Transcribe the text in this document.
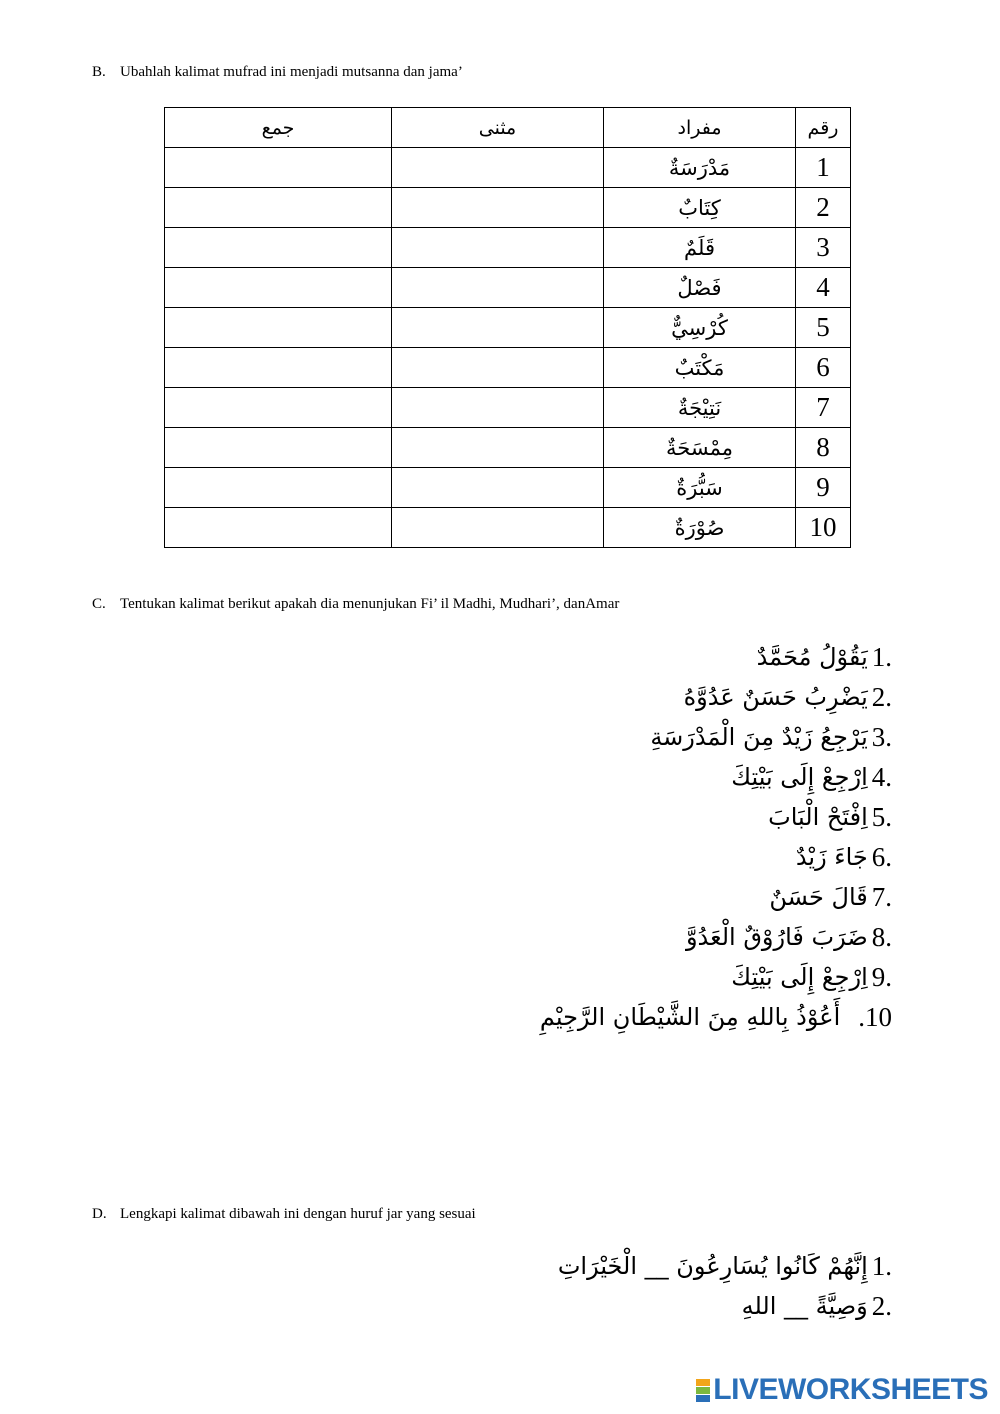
B. Ubahlah kalimat mufrad ini menjadi mutsanna dan jama’
جمع	مثنى	مفراد	رقم
		مَدْرَسَةٌ	1
		كِتَابٌ	2
		قَلَمٌ	3
		فَصْلٌ	4
		كُرْسِيٌّ	5
		مَكْتَبٌ	6
		نَتِيْجَةٌ	7
		مِمْسَحَةٌ	8
		سَبُّرَةٌ	9
		صُوْرَةٌ	10
C. Tentukan kalimat berikut apakah dia menunjukan Fi’ il Madhi, Mudhari’, danAmar
يَقُوْلُ مُحَمَّدٌ 1.
يَضْرِبُ حَسَنٌ عَدُوَّهُ 2.
يَرْجِعُ زَيْدٌ مِنَ الْمَدْرَسَةِ 3.
اِرْجِعْ إِلَى بَيْتِكَ 4.
اِفْتَحْ الْبَابَ 5.
جَاءَ زَيْدٌ 6.
قَالَ حَسَنٌ 7.
ضَرَبَ فَارُوْقٌ الْعَدُوَّ 8.
اِرْجِعْ إِلَى بَيْتِكَ 9.
أَعُوْذُ بِاللهِ مِنَ الشَّيْطَانِ الرَّجِيْمِ .10
D. Lengkapi kalimat dibawah ini dengan huruf jar yang sesuai
إِنَّهُمْ كَانُوا يُسَارِعُونَ __ الْخَيْرَاتِ 1.
وَصِيَّةً __ اللهِ 2.
LIVEWORKSHEETS
